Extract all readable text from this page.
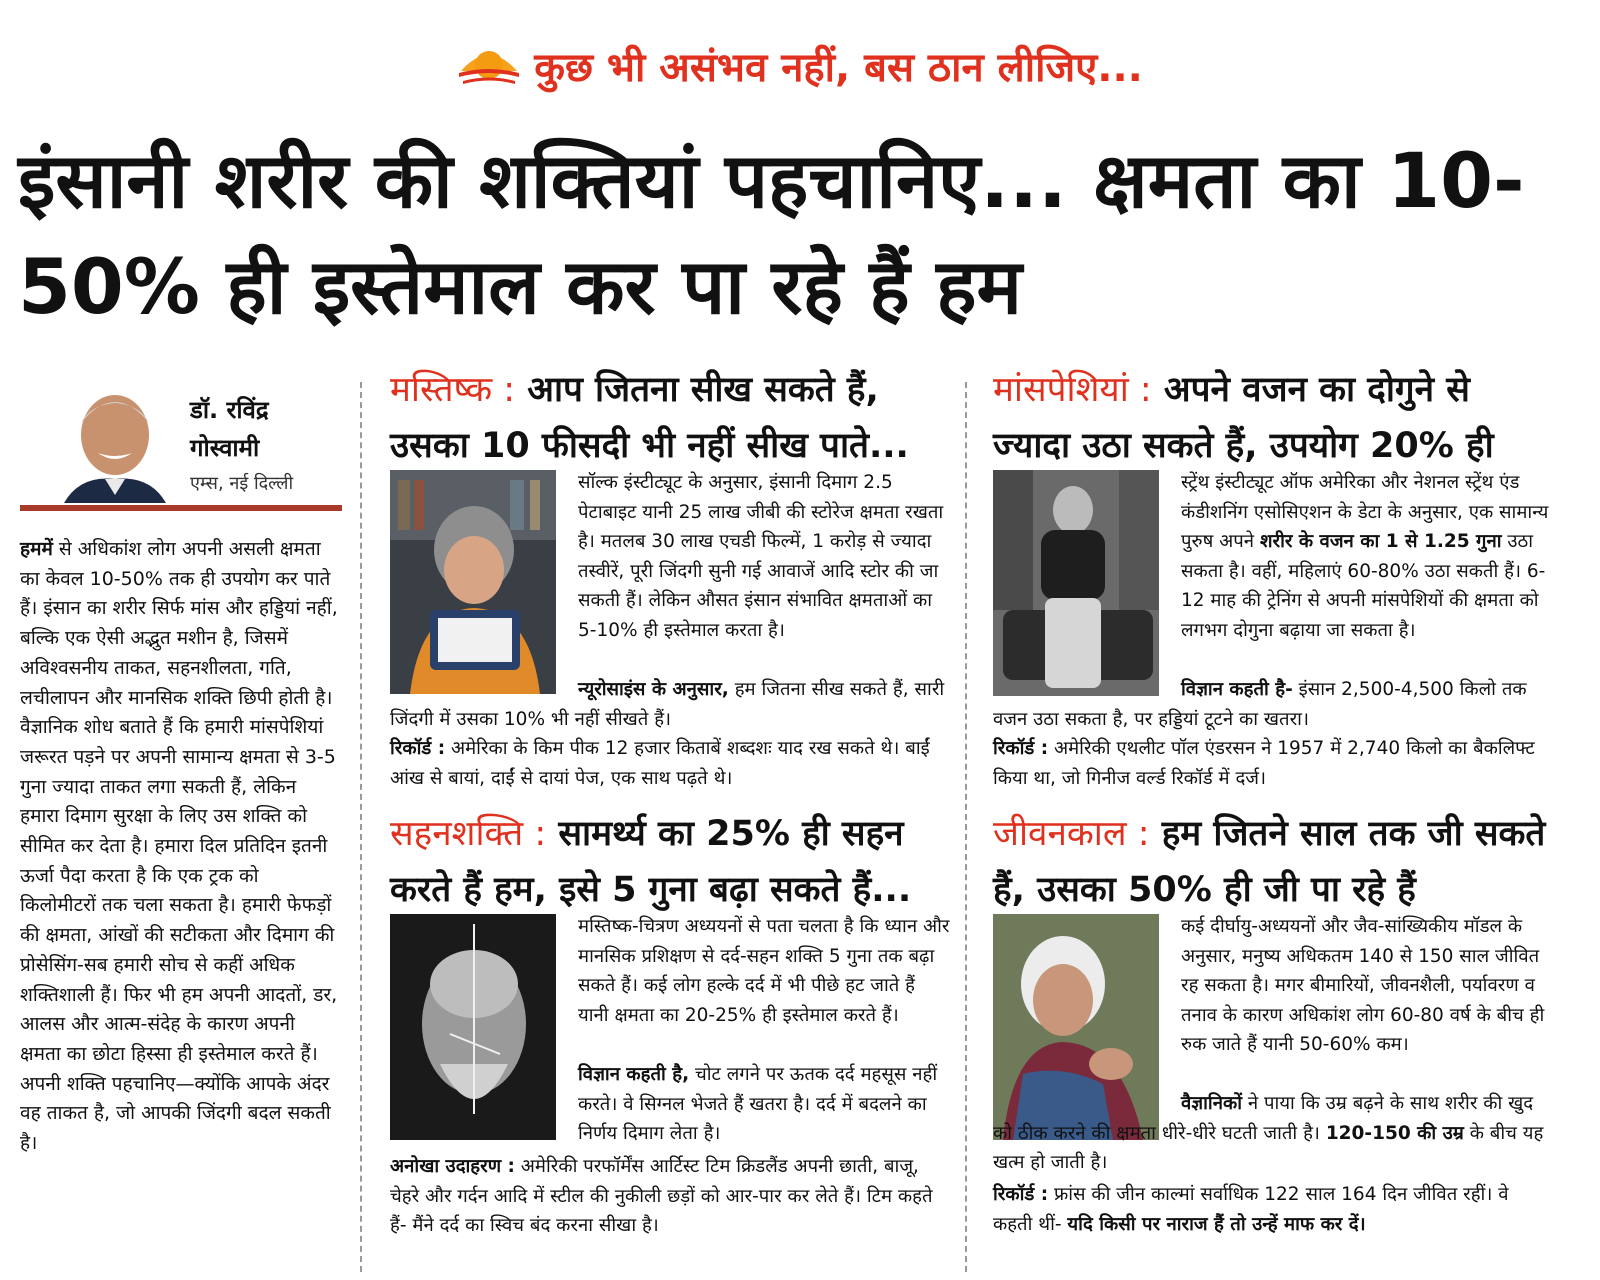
कुछ भी असंभव नहीं, बस ठान लीजिए...
इंसानी शरीर की शक्तियां पहचानिए... क्षमता का 10-50% ही इस्तेमाल कर पा रहे हैं हम
डॉ. रविंद्र
गोस्वामी
एम्स, नई दिल्ली
हममें से अधिकांश लोग अपनी असली क्षमता का केवल 10-50% तक ही उपयोग कर पाते हैं। इंसान का शरीर सिर्फ मांस और हड्डियां नहीं, बल्कि एक ऐसी अद्भुत मशीन है, जिसमें अविश्वसनीय ताकत, सहनशीलता, गति, लचीलापन और मानसिक शक्ति छिपी होती है। वैज्ञानिक शोध बताते हैं कि हमारी मांसपेशियां जरूरत पड़ने पर अपनी सामान्य क्षमता से 3-5 गुना ज्यादा ताकत लगा सकती हैं, लेकिन हमारा दिमाग सुरक्षा के लिए उस शक्ति को सीमित कर देता है। हमारा दिल प्रतिदिन इतनी ऊर्जा पैदा करता है कि एक ट्रक को किलोमीटरों तक चला सकता है। हमारी फेफड़ों की क्षमता, आंखों की सटीकता और दिमाग की प्रोसेसिंग-सब हमारी सोच से कहीं अधिक शक्तिशाली हैं। फिर भी हम अपनी आदतों, डर, आलस और आत्म-संदेह के कारण अपनी क्षमता का छोटा हिस्सा ही इस्तेमाल करते हैं। अपनी शक्ति पहचानिए—क्योंकि आपके अंदर वह ताकत है, जो आपकी जिंदगी बदल सकती है।
मस्तिष्क : आप जितना सीख सकते हैं, उसका 10 फीसदी भी नहीं सीख पाते...
सॉल्क इंस्टीट्यूट के अनुसार, इंसानी दिमाग 2.5 पेटाबाइट यानी 25 लाख जीबी की स्टोरेज क्षमता रखता है। मतलब 30 लाख एचडी फिल्में, 1 करोड़ से ज्यादा तस्वीरें, पूरी जिंदगी सुनी गई आवाजें आदि स्टोर की जा सकती हैं। लेकिन औसत इंसान संभावित क्षमताओं का 5-10% ही इस्तेमाल करता है।
न्यूरोसाइंस के अनुसार, हम जितना सीख सकते हैं, सारी जिंदगी में उसका 10% भी नहीं सीखते हैं।
रिकॉर्ड : अमेरिका के किम पीक 12 हजार किताबें शब्दशः याद रख सकते थे। बाईं आंख से बायां, दाईं से दायां पेज, एक साथ पढ़ते थे।
सहनशक्ति : सामर्थ्य का 25% ही सहन करते हैं हम, इसे 5 गुना बढ़ा सकते हैं...
मस्तिष्क-चित्रण अध्ययनों से पता चलता है कि ध्यान और मानसिक प्रशिक्षण से दर्द-सहन शक्ति 5 गुना तक बढ़ा सकते हैं। कई लोग हल्के दर्द में भी पीछे हट जाते हैं यानी क्षमता का 20-25% ही इस्तेमाल करते हैं।
विज्ञान कहती है, चोट लगने पर ऊतक दर्द महसूस नहीं करते। वे सिग्नल भेजते हैं खतरा है। दर्द में बदलने का निर्णय दिमाग लेता है।
अनोखा उदाहरण : अमेरिकी परफॉर्मेंस आर्टिस्ट टिम क्रिडलैंड अपनी छाती, बाजू, चेहरे और गर्दन आदि में स्टील की नुकीली छड़ों को आर-पार कर लेते हैं। टिम कहते हैं- मैंने दर्द का स्विच बंद करना सीखा है।
मांसपेशियां : अपने वजन का दोगुने से ज्यादा उठा सकते हैं, उपयोग 20% ही
स्ट्रेंथ इंस्टीट्यूट ऑफ अमेरिका और नेशनल स्ट्रेंथ एंड कंडीशनिंग एसोसिएशन के डेटा के अनुसार, एक सामान्य पुरुष अपने शरीर के वजन का 1 से 1.25 गुना उठा सकता है। वहीं, महिलाएं 60-80% उठा सकती हैं। 6-12 माह की ट्रेनिंग से अपनी मांसपेशियों की क्षमता को लगभग दोगुना बढ़ाया जा सकता है।
विज्ञान कहती है- इंसान 2,500-4,500 किलो तक वजन उठा सकता है, पर हड्डियां टूटने का खतरा।
रिकॉर्ड : अमेरिकी एथलीट पॉल एंडरसन ने 1957 में 2,740 किलो का बैकलिफ्ट किया था, जो गिनीज वर्ल्ड रिकॉर्ड में दर्ज।
जीवनकाल : हम जितने साल तक जी सकते हैं, उसका 50% ही जी पा रहे हैं
कई दीर्घायु-अध्ययनों और जैव-सांख्यिकीय मॉडल के अनुसार, मनुष्य अधिकतम 140 से 150 साल जीवित रह सकता है। मगर बीमारियों, जीवनशैली, पर्यावरण व तनाव के कारण अधिकांश लोग 60-80 वर्ष के बीच ही रुक जाते हैं यानी 50-60% कम।
वैज्ञानिकों ने पाया कि उम्र बढ़ने के साथ शरीर की खुद को ठीक करने की क्षमता धीरे-धीरे घटती जाती है। 120-150 की उम्र के बीच यह खत्म हो जाती है।
रिकॉर्ड : फ्रांस की जीन काल्मां सर्वाधिक 122 साल 164 दिन जीवित रहीं। वे कहती थीं- यदि किसी पर नाराज हैं तो उन्हें माफ कर दें।
